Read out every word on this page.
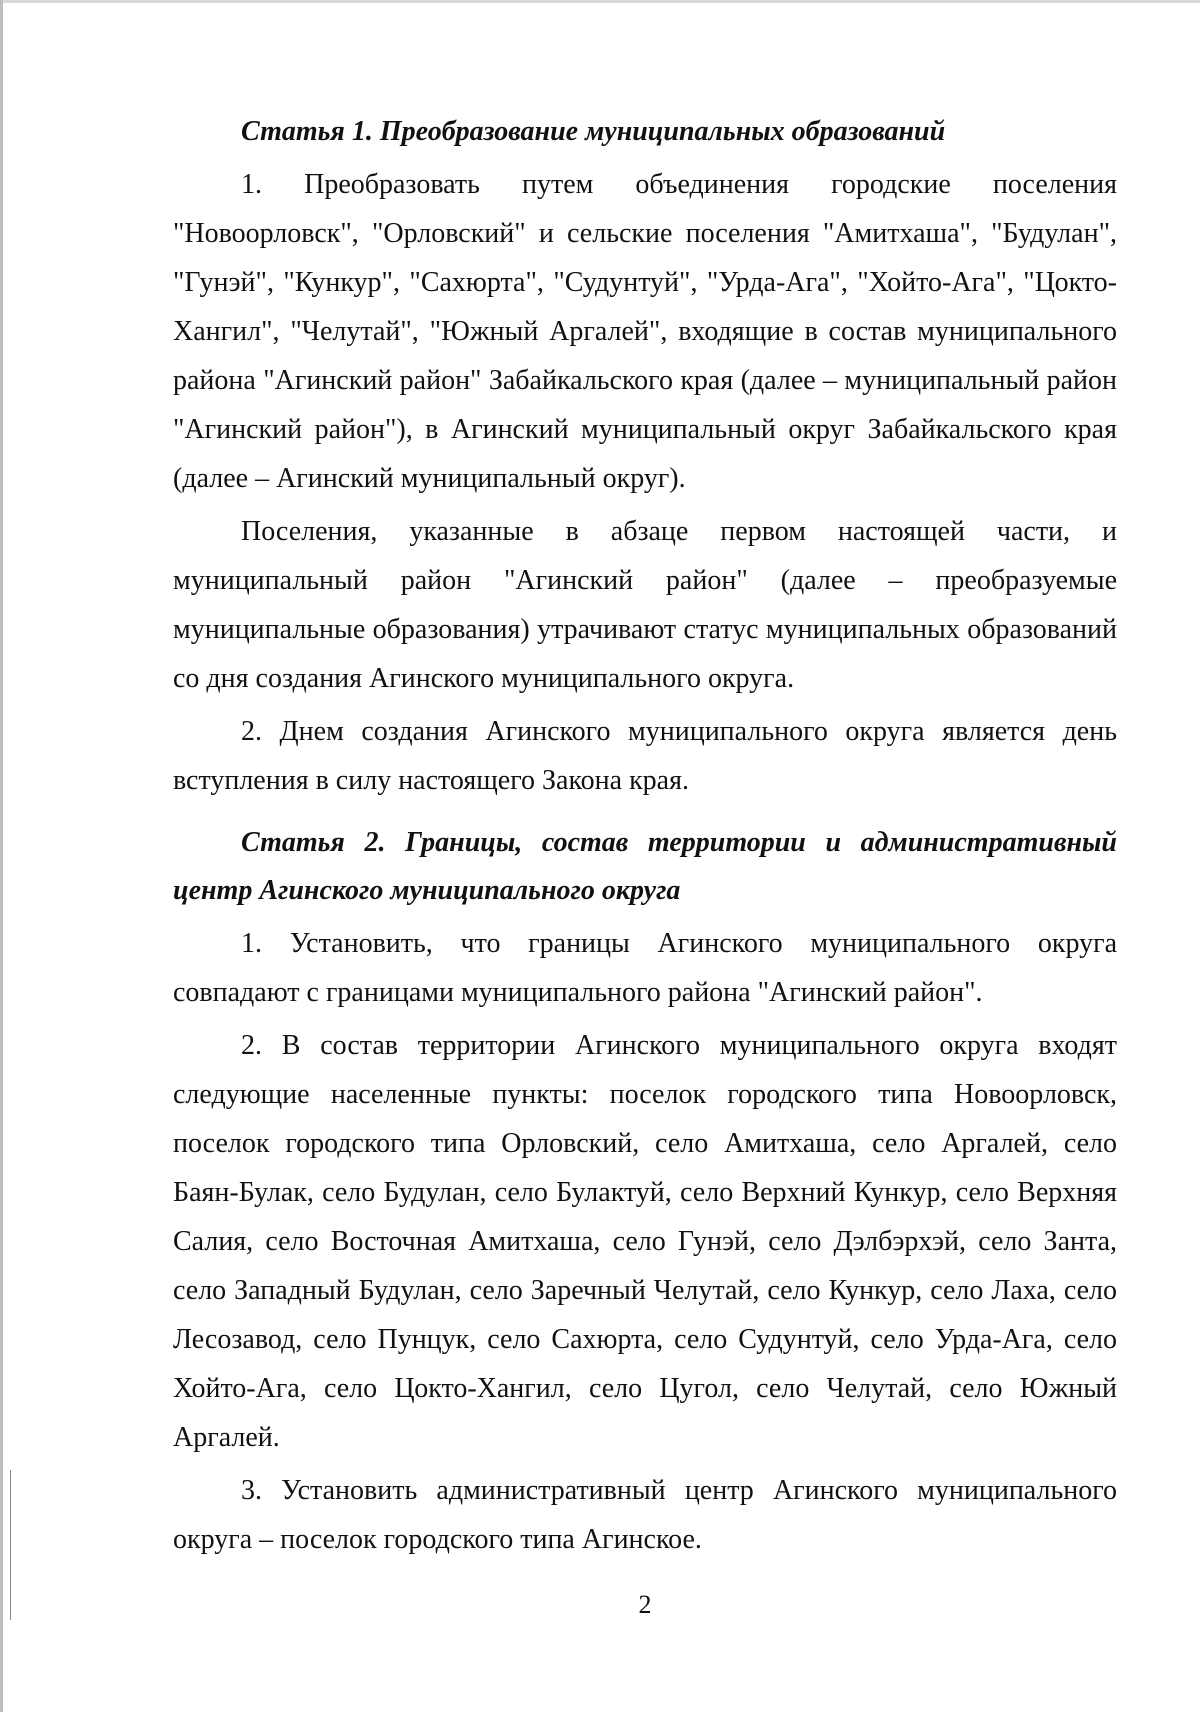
Статья 1. Преобразование муниципальных образований

1. Преобразовать путем объединения городские поселения "Новоорловск", "Орловский" и сельские поселения "Амитхаша", "Будулан", "Гунэй", "Кункур", "Сахюрта", "Судунтуй", "Урда-Ага", "Хойто-Ага", "Цокто-Хангил", "Челутай", "Южный Аргалей", входящие в состав муниципального района "Агинский район" Забайкальского края (далее – муниципальный район "Агинский район"), в Агинский муниципальный округ Забайкальского края (далее – Агинский муниципальный округ).

Поселения, указанные в абзаце первом настоящей части, и муниципальный район "Агинский район" (далее – преобразуемые муниципальные образования) утрачивают статус муниципальных образований со дня создания Агинского муниципального округа.

2. Днем создания Агинского муниципального округа является день вступления в силу настоящего Закона края.

Статья 2. Границы, состав территории и административный центр Агинского муниципального округа

1. Установить, что границы Агинского муниципального округа совпадают с границами муниципального района "Агинский район".

2. В состав территории Агинского муниципального округа входят следующие населенные пункты: поселок городского типа Новоорловск, поселок городского типа Орловский, село Амитхаша, село Аргалей, село Баян-Булак, село Будулан, село Булактуй, село Верхний Кункур, село Верхняя Салия, село Восточная Амитхаша, село Гунэй, село Дэлбэрхэй, село Занта, село Западный Будулан, село Заречный Челутай, село Кункур, село Лаха, село Лесозавод, село Пунцук, село Сахюрта, село Судунтуй, село Урда-Ага, село Хойто-Ага, село Цокто-Хангил, село Цугол, село Челутай, село Южный Аргалей.

3. Установить административный центр Агинского муниципального округа – поселок городского типа Агинское.

2
